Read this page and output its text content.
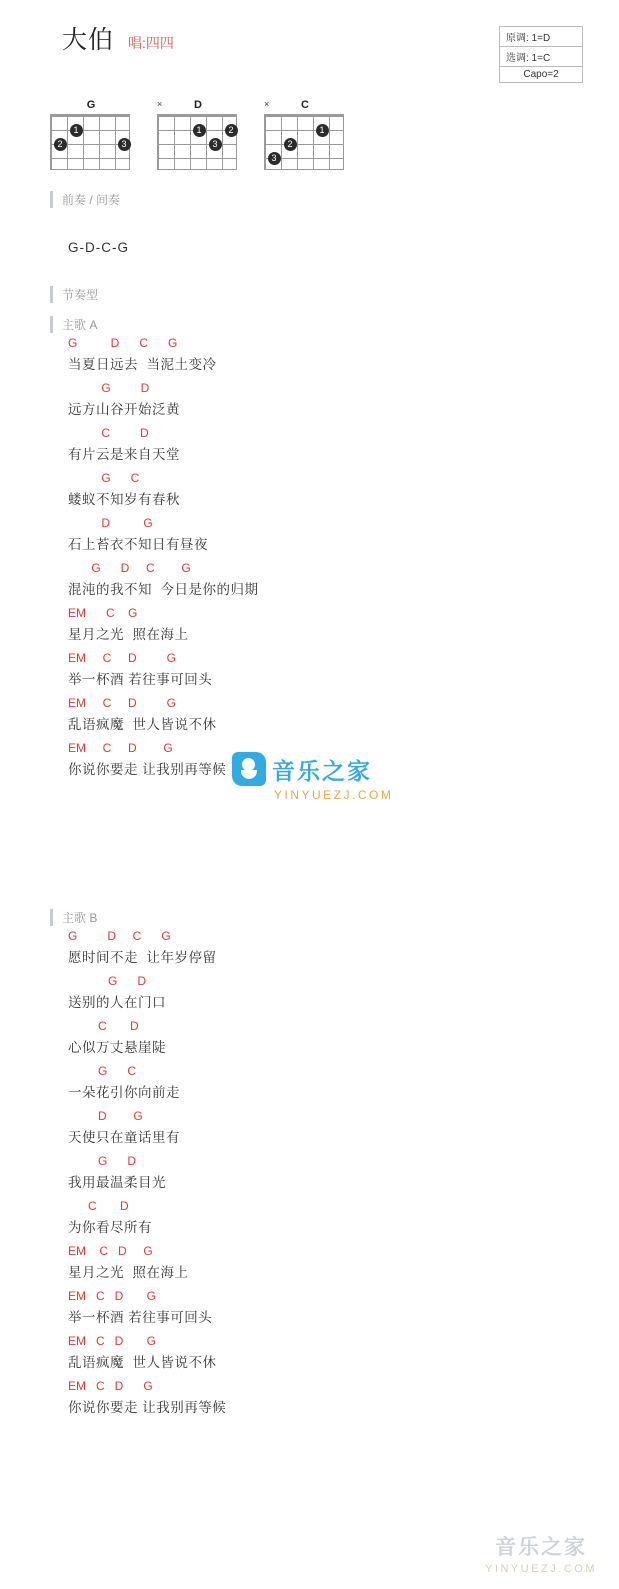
大伯 唱:四四	原调: 1=D
选调: 1=C
Capo=2
G
1
2	3
D
×
1	2
3
C
×
1
2
3
前奏 / 间奏
G-D-C-G
节奏型
主歌 A
G          D      C      G
当夏日远去  当泥土变冷
G         D
远方山谷开始泛黄
C         D
有片云是来自天堂
G      C
蝼蚁不知岁有春秋
D          G
石上苔衣不知日有昼夜
G      D     C        G
混沌的我不知  今日是你的归期
EM      C    G
星月之光  照在海上
EM     C     D         G
举一杯酒 若往事可回头
EM     C     D         G
乱语疯魔  世人皆说不休
EM     C     D        G
你说你要走 让我别再等候
主歌 B
G         D     C      G
愿时间不走  让年岁停留
G      D
送别的人在门口
C       D
心似万丈悬崖陡
G      C
一朵花引你向前走
D        G
天使只在童话里有
G      D
我用最温柔目光
C       D
为你看尽所有
EM    C   D     G
星月之光  照在海上
EM   C   D       G
举一杯酒 若往事可回头
EM   C   D       G
乱语疯魔  世人皆说不休
EM   C   D      G
你说你要走 让我别再等候
音乐之家
YINYUEZJ.COM
音乐之家
YINYUEZJ.COM
